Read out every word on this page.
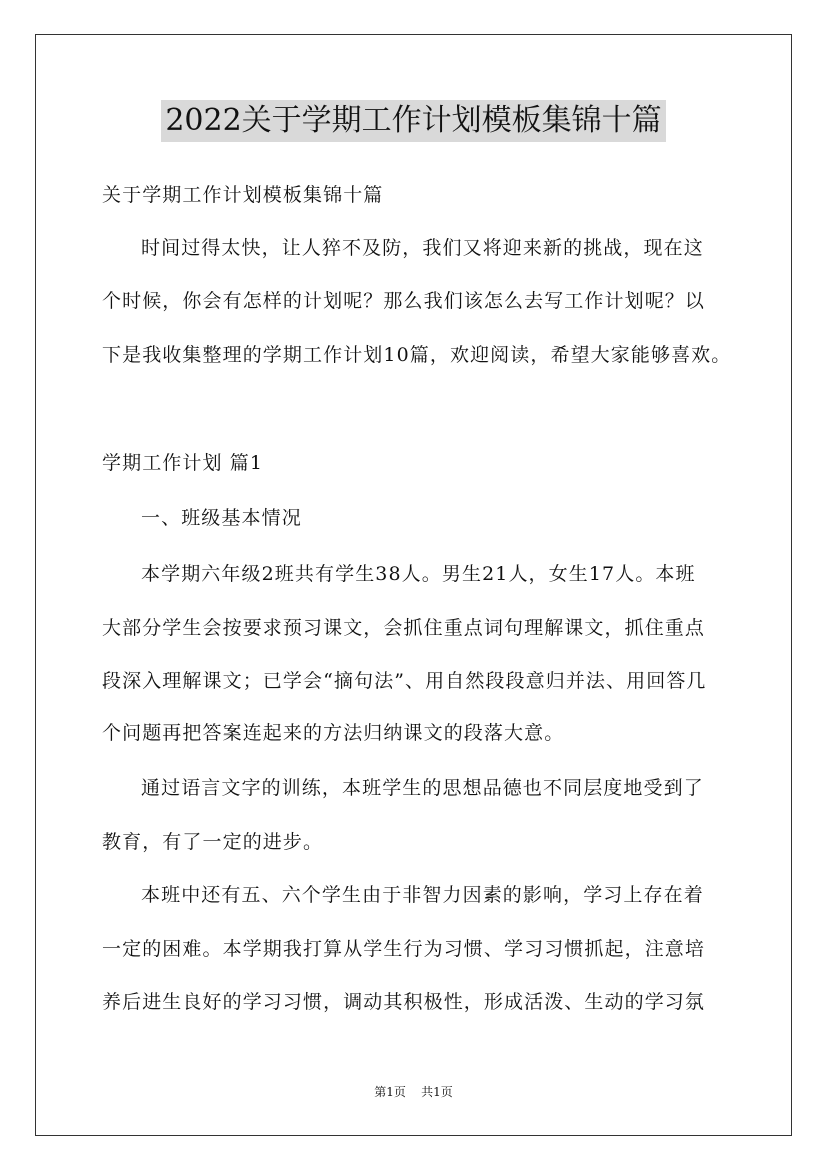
2022关于学期工作计划模板集锦十篇
关于学期工作计划模板集锦十篇
时间过得太快，让人猝不及防，我们又将迎来新的挑战，现在这
个时候，你会有怎样的计划呢？那么我们该怎么去写工作计划呢？以
下是我收集整理的学期工作计划10篇，欢迎阅读，希望大家能够喜欢。
学期工作计划 篇1
一、班级基本情况
本学期六年级2班共有学生38人。男生21人，女生17人。本班
大部分学生会按要求预习课文，会抓住重点词句理解课文，抓住重点
段深入理解课文；已学会“摘句法”、用自然段段意归并法、用回答几
个问题再把答案连起来的方法归纳课文的段落大意。
通过语言文字的训练，本班学生的思想品德也不同层度地受到了
教育，有了一定的进步。
本班中还有五、六个学生由于非智力因素的影响，学习上存在着
一定的困难。本学期我打算从学生行为习惯、学习习惯抓起，注意培
养后进生良好的学习习惯，调动其积极性，形成活泼、生动的学习氛
第1页 共1页
